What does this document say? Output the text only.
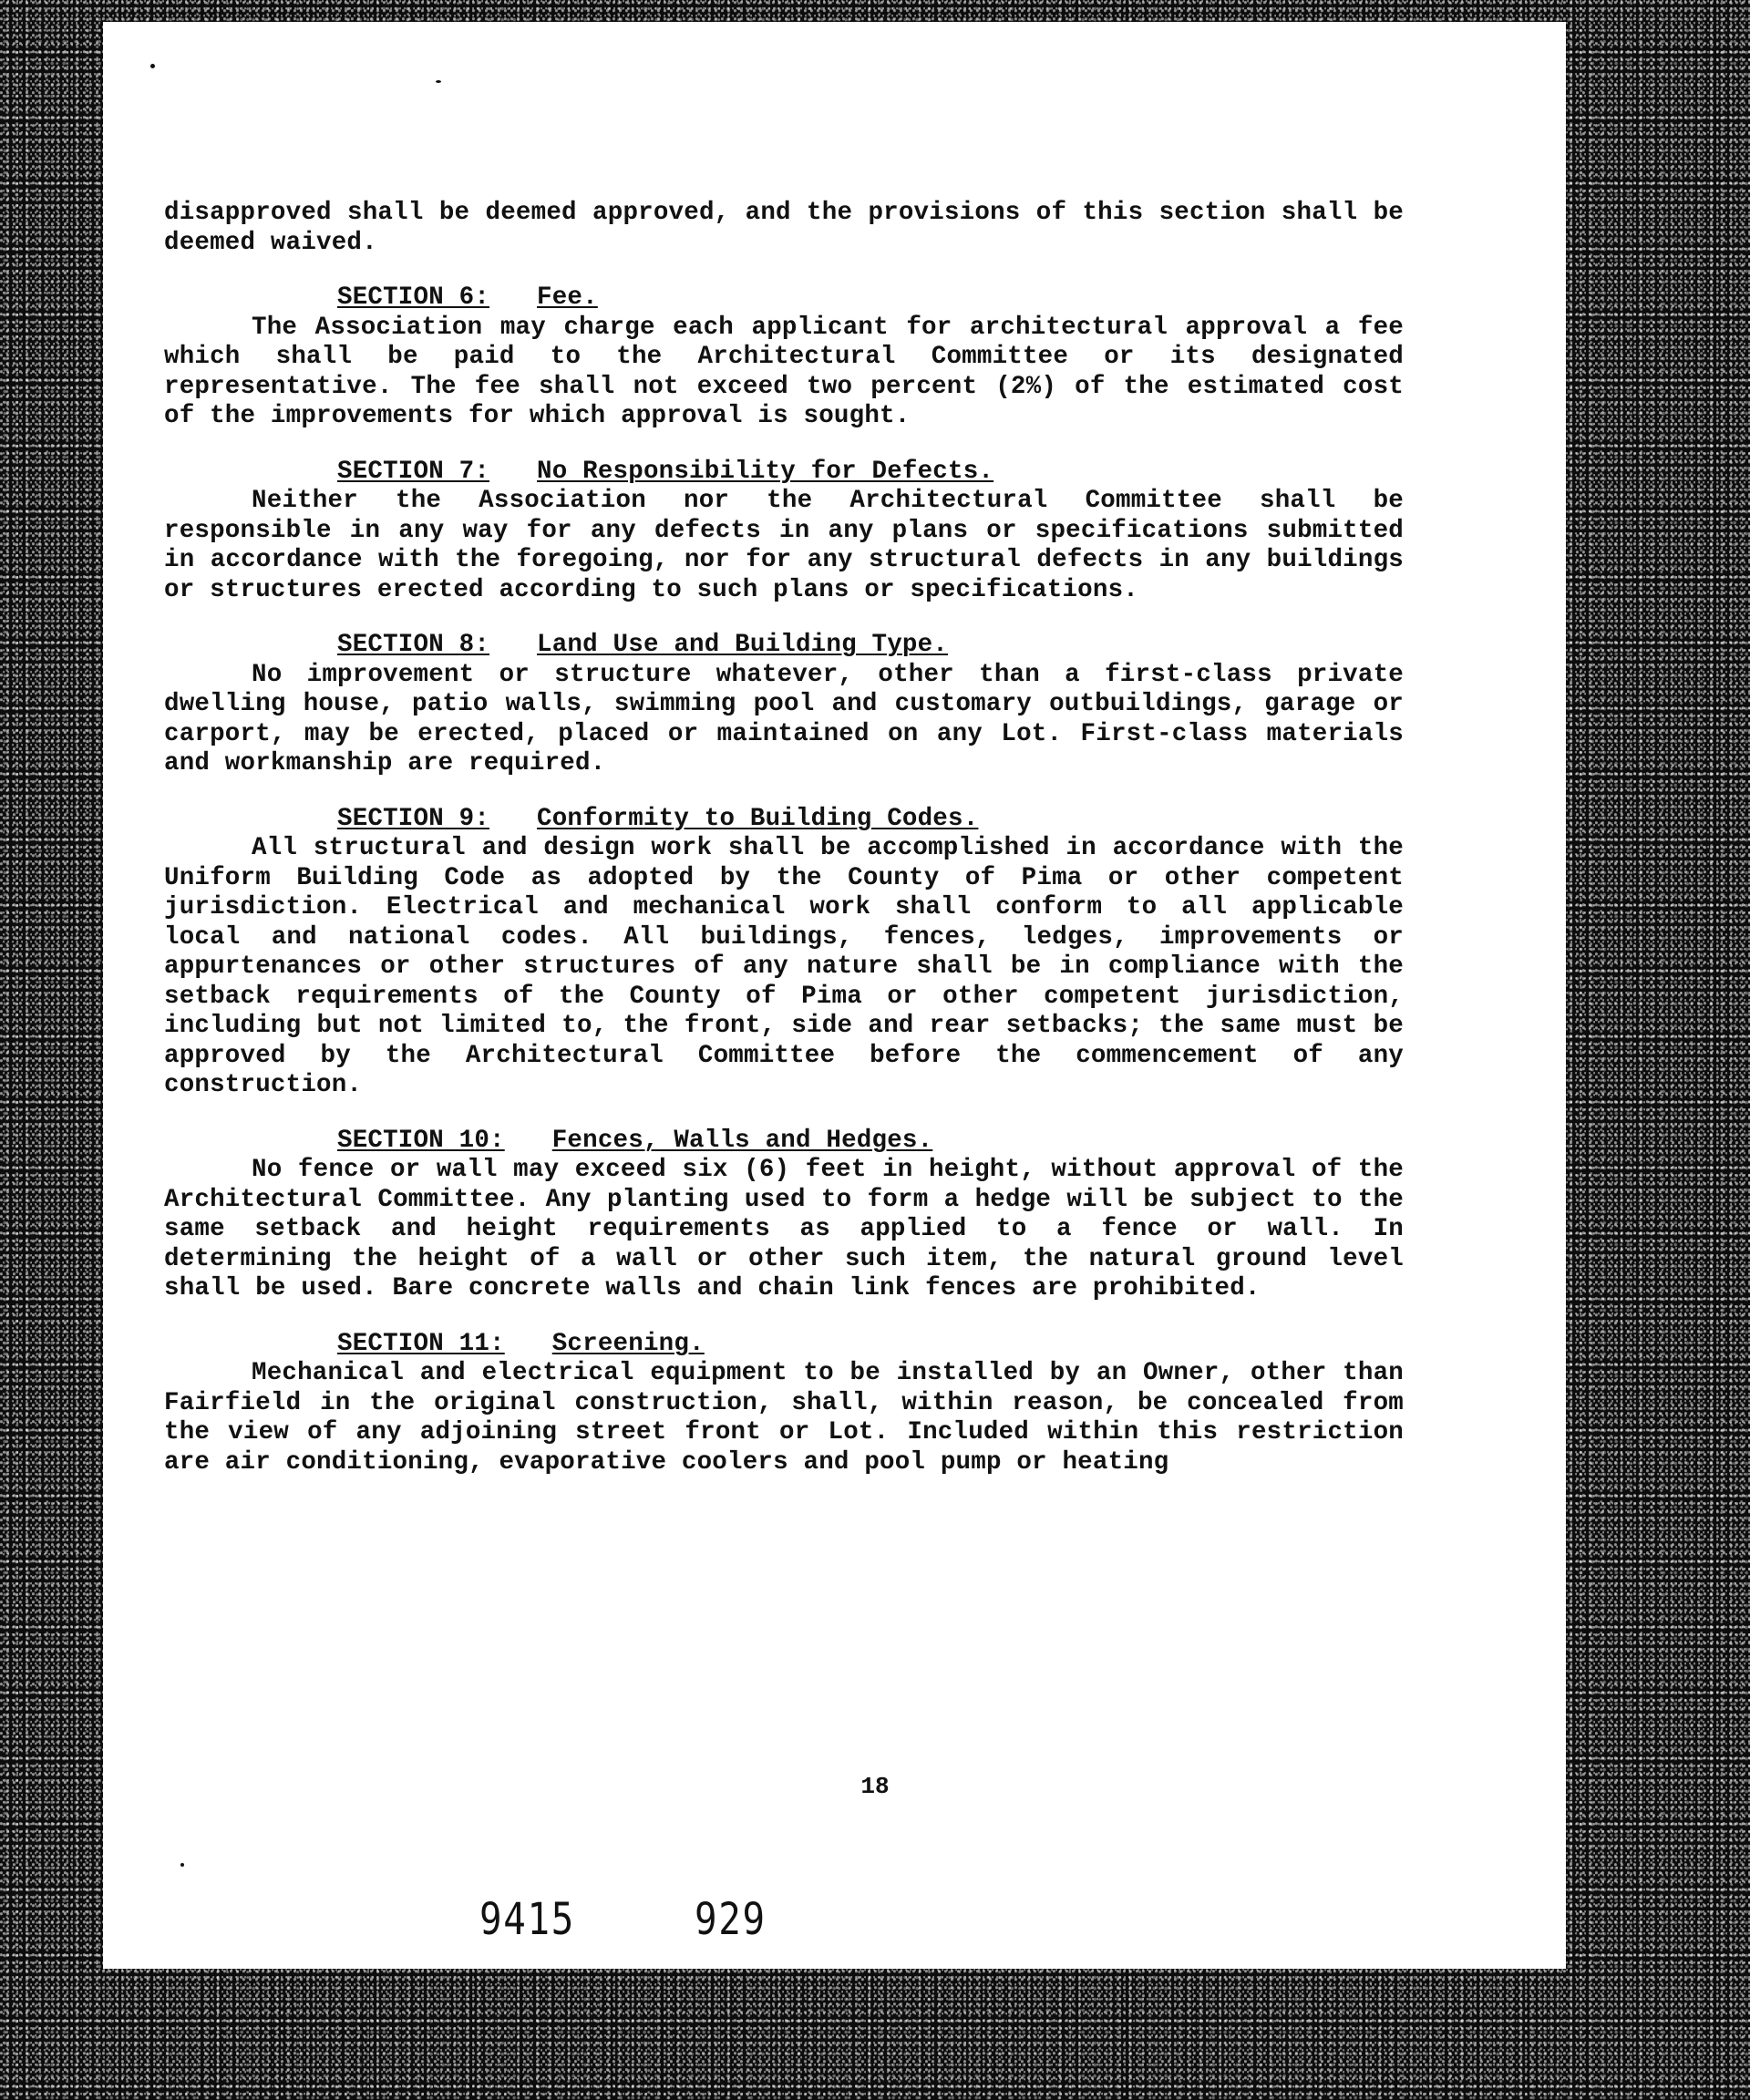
disapproved shall be deemed approved, and the provisions of this section shall be deemed waived.

SECTION 6: Fee.

The Association may charge each applicant for architectural approval a fee which shall be paid to the Architectural Committee or its designated representative. The fee shall not exceed two percent (2%) of the estimated cost of the improvements for which approval is sought.

SECTION 7: No Responsibility for Defects.

Neither the Association nor the Architectural Committee shall be responsible in any way for any defects in any plans or specifications submitted in accordance with the foregoing, nor for any structural defects in any buildings or structures erected according to such plans or specifications.

SECTION 8: Land Use and Building Type.

No improvement or structure whatever, other than a first-class private dwelling house, patio walls, swimming pool and customary outbuildings, garage or carport, may be erected, placed or maintained on any Lot. First-class materials and workmanship are required.

SECTION 9: Conformity to Building Codes.

All structural and design work shall be accomplished in accordance with the Uniform Building Code as adopted by the County of Pima or other competent jurisdiction. Electrical and mechanical work shall conform to all applicable local and national codes. All buildings, fences, ledges, improvements or appurtenances or other structures of any nature shall be in compliance with the setback requirements of the County of Pima or other competent jurisdiction, including but not limited to, the front, side and rear setbacks; the same must be approved by the Architectural Committee before the commencement of any construction.

SECTION 10: Fences, Walls and Hedges.

No fence or wall may exceed six (6) feet in height, without approval of the Architectural Committee. Any planting used to form a hedge will be subject to the same setback and height requirements as applied to a fence or wall. In determining the height of a wall or other such item, the natural ground level shall be used. Bare concrete walls and chain link fences are prohibited.

SECTION 11: Screening.

Mechanical and electrical equipment to be installed by an Owner, other than Fairfield in the original construction, shall, within reason, be concealed from the view of any adjoining street front or Lot. Included within this restriction are air conditioning, evaporative coolers and pool pump or heating

18
9415	929
